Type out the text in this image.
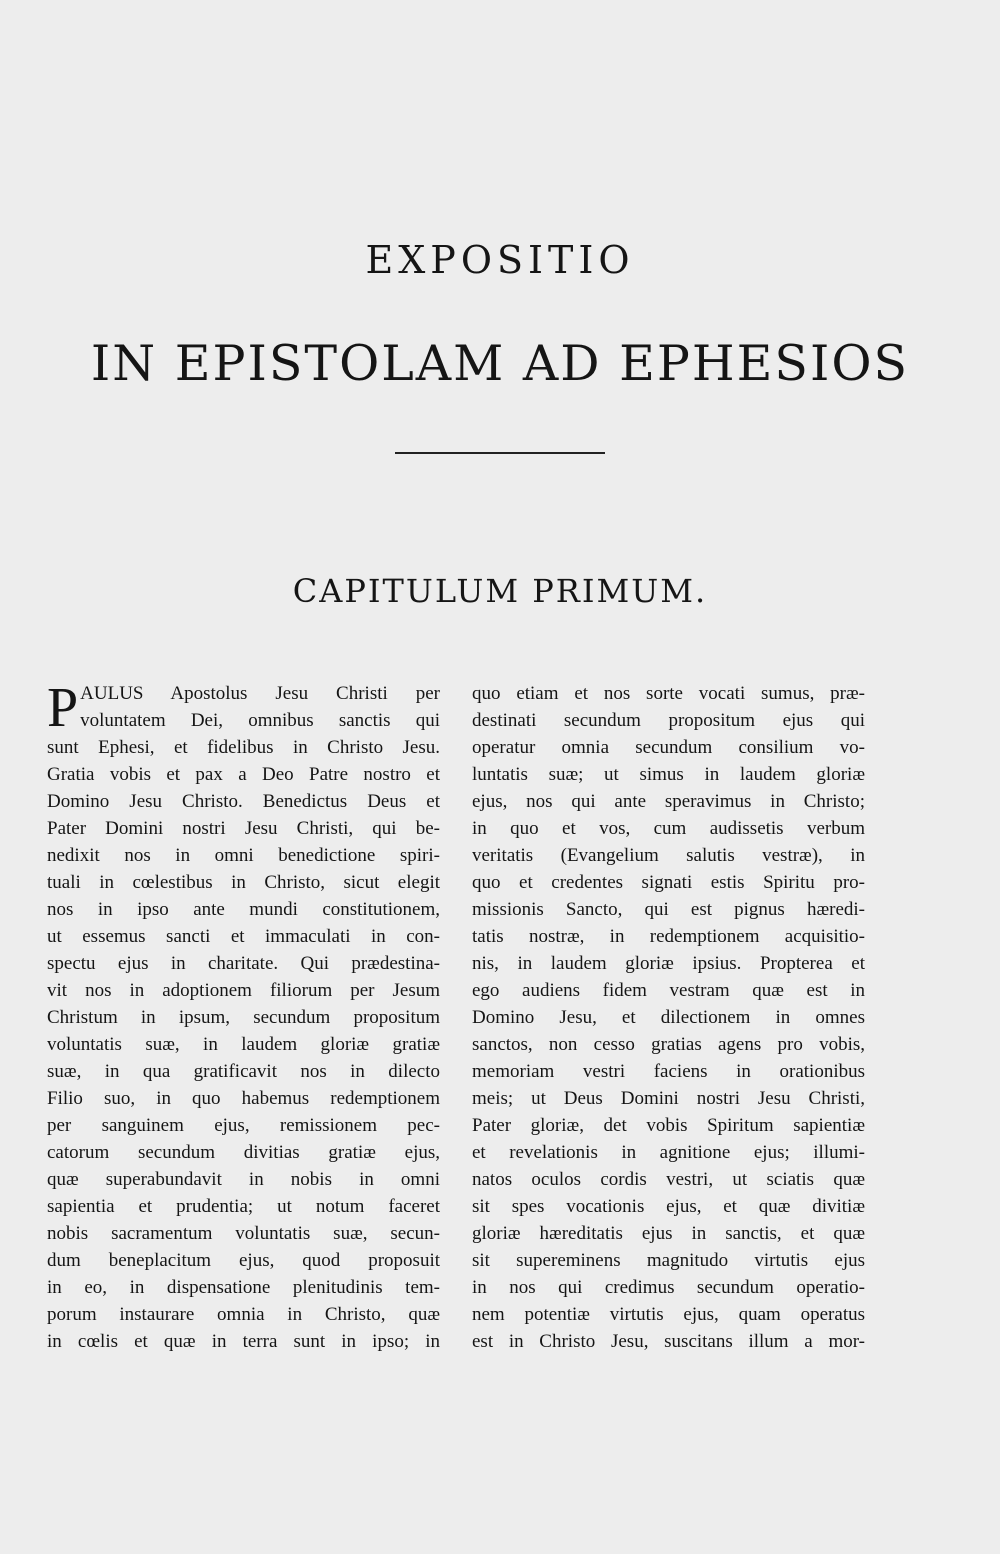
EXPOSITIO
IN EPISTOLAM AD EPHESIOS
CAPITULUM PRIMUM.
P AULUS Apostolus Jesu Christi per
voluntatem Dei, omnibus sanctis qui
sunt Ephesi, et fidelibus in Christo Jesu.
Gratia vobis et pax a Deo Patre nostro et
Domino Jesu Christo. Benedictus Deus et
Pater Domini nostri Jesu Christi, qui be-
nedixit nos in omni benedictione spiri-
tuali in cœlestibus in Christo, sicut elegit
nos in ipso ante mundi constitutionem,
ut essemus sancti et immaculati in con-
spectu ejus in charitate. Qui prædestina-
vit nos in adoptionem filiorum per Jesum
Christum in ipsum, secundum propositum
voluntatis suæ, in laudem gloriæ gratiæ
suæ, in qua gratificavit nos in dilecto
Filio suo, in quo habemus redemptionem
per sanguinem ejus, remissionem pec-
catorum secundum divitias gratiæ ejus,
quæ superabundavit in nobis in omni
sapientia et prudentia; ut notum faceret
nobis sacramentum voluntatis suæ, secun-
dum beneplacitum ejus, quod proposuit
in eo, in dispensatione plenitudinis tem-
porum instaurare omnia in Christo, quæ
in cœlis et quæ in terra sunt in ipso; in
quo etiam et nos sorte vocati sumus, præ-
destinati secundum propositum ejus qui
operatur omnia secundum consilium vo-
luntatis suæ; ut simus in laudem gloriæ
ejus, nos qui ante speravimus in Christo;
in quo et vos, cum audissetis verbum
veritatis (Evangelium salutis vestræ), in
quo et credentes signati estis Spiritu pro-
missionis Sancto, qui est pignus hæredi-
tatis nostræ, in redemptionem acquisitio-
nis, in laudem gloriæ ipsius. Propterea et
ego audiens fidem vestram quæ est in
Domino Jesu, et dilectionem in omnes
sanctos, non cesso gratias agens pro vobis,
memoriam vestri faciens in orationibus
meis; ut Deus Domini nostri Jesu Christi,
Pater gloriæ, det vobis Spiritum sapientiæ
et revelationis in agnitione ejus; illumi-
natos oculos cordis vestri, ut sciatis quæ
sit spes vocationis ejus, et quæ divitiæ
gloriæ hæreditatis ejus in sanctis, et quæ
sit supereminens magnitudo virtutis ejus
in nos qui credimus secundum operatio-
nem potentiæ virtutis ejus, quam operatus
est in Christo Jesu, suscitans illum a mor-
